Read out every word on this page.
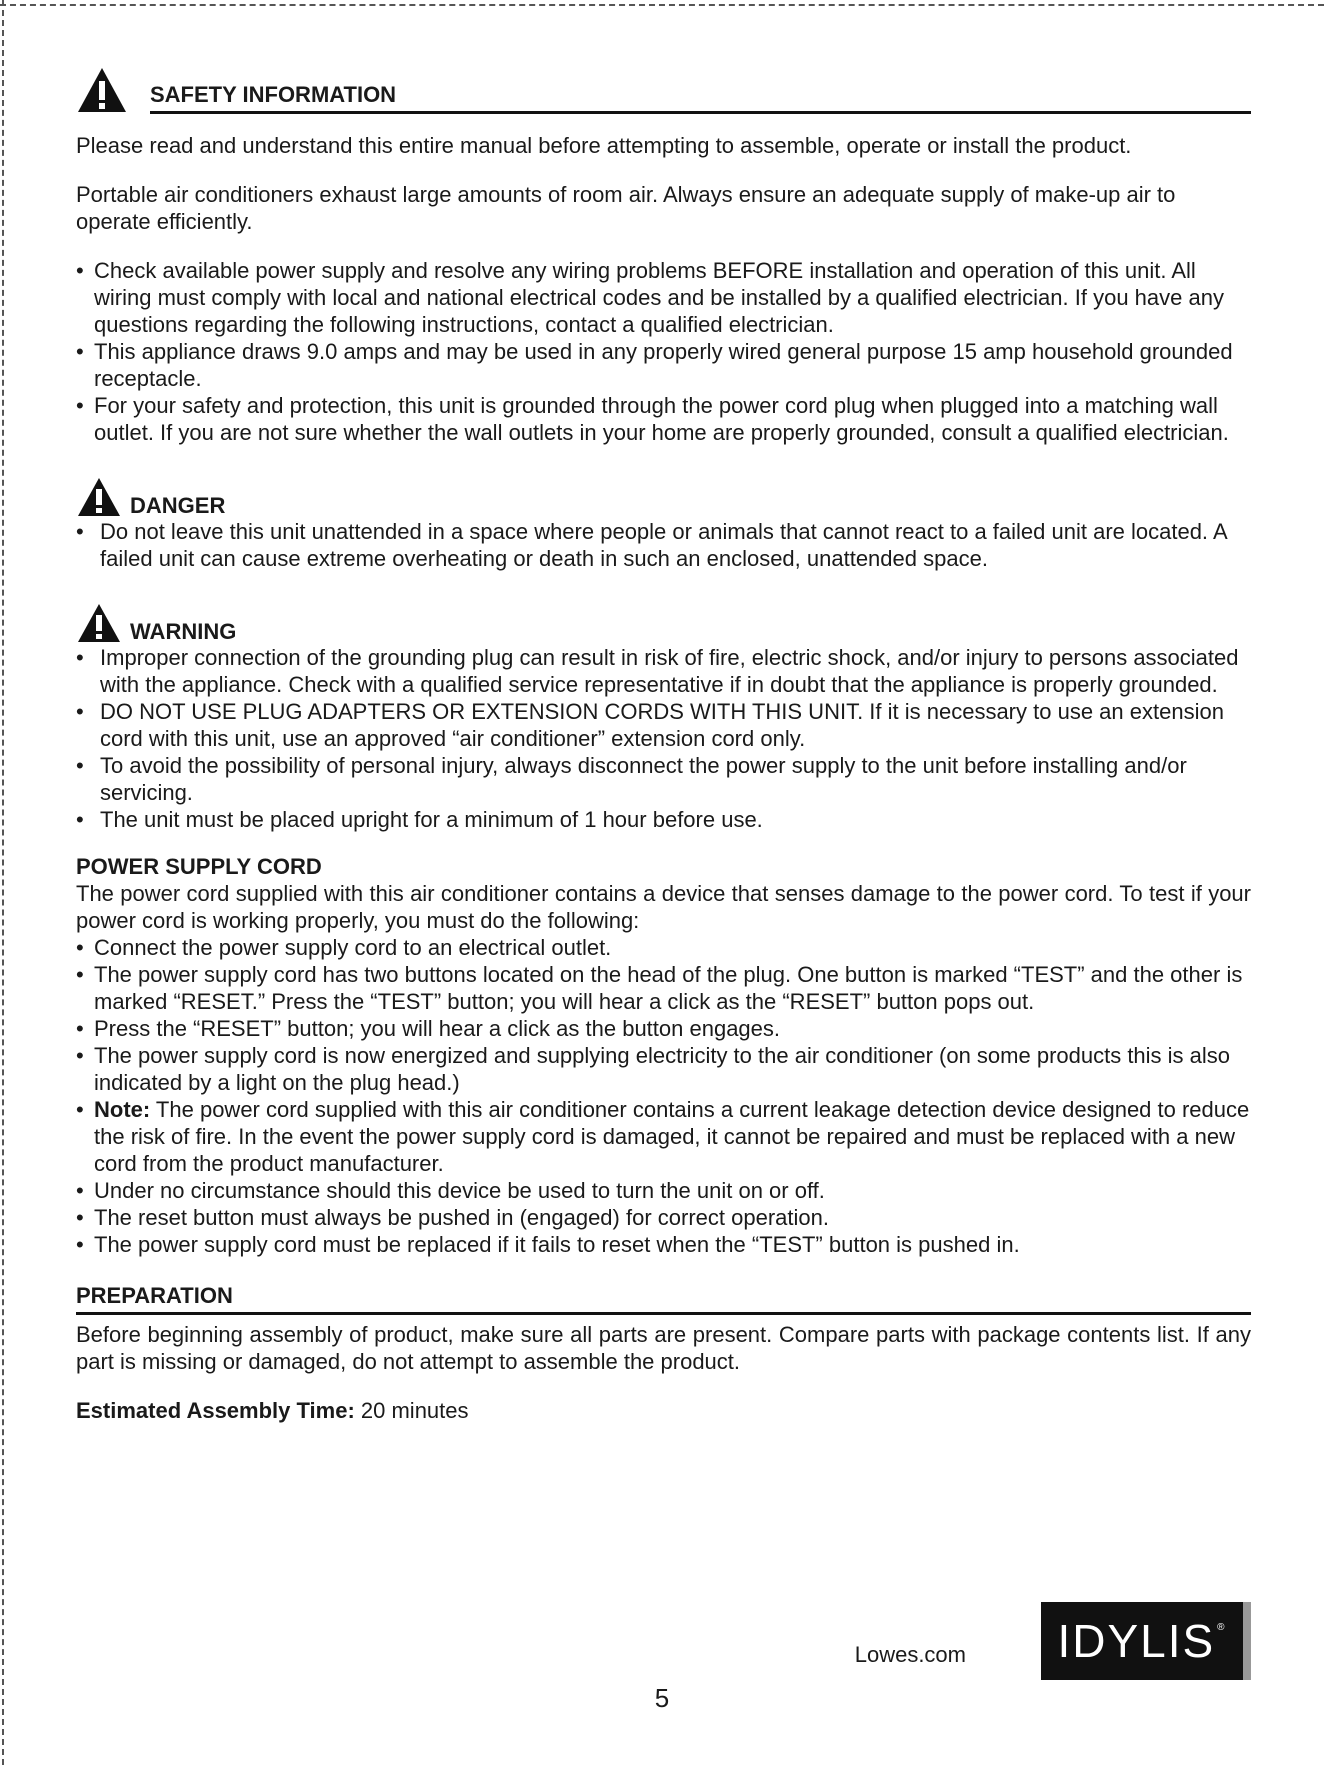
SAFETY INFORMATION

Please read and understand this entire manual before attempting to assemble, operate or install the product.

Portable air conditioners exhaust large amounts of room air. Always ensure an adequate supply of make-up air to operate efficiently.

• Check available power supply and resolve any wiring problems BEFORE installation and operation of this unit. All wiring must comply with local and national electrical codes and be installed by a qualified electrician. If you have any questions regarding the following instructions, contact a qualified electrician.
• This appliance draws 9.0 amps and may be used in any properly wired general purpose 15 amp household grounded receptacle.
• For your safety and protection, this unit is grounded through the power cord plug when plugged into a matching wall outlet. If you are not sure whether the wall outlets in your home are properly grounded, consult a qualified electrician.
DANGER
• Do not leave this unit unattended in a space where people or animals that cannot react to a failed unit are located. A failed unit can cause extreme overheating or death in such an enclosed, unattended space.
WARNING
• Improper connection of the grounding plug can result in risk of fire, electric shock, and/or injury to persons associated with the appliance. Check with a qualified service representative if in doubt that the appliance is properly grounded.
• DO NOT USE PLUG ADAPTERS OR EXTENSION CORDS WITH THIS UNIT. If it is necessary to use an extension cord with this unit, use an approved “air conditioner” extension cord only.
• To avoid the possibility of personal injury, always disconnect the power supply to the unit before installing and/or servicing.
• The unit must be placed upright for a minimum of 1 hour before use.
POWER SUPPLY CORD

The power cord supplied with this air conditioner contains a device that senses damage to the power cord. To test if your power cord is working properly, you must do the following:

• Connect the power supply cord to an electrical outlet.
• The power supply cord has two buttons located on the head of the plug. One button is marked “TEST” and the other is marked “RESET.” Press the “TEST” button; you will hear a click as the “RESET” button pops out.
• Press the “RESET” button; you will hear a click as the button engages.
• The power supply cord is now energized and supplying electricity to the air conditioner (on some products this is also indicated by a light on the plug head.)
• Note: The power cord supplied with this air conditioner contains a current leakage detection device designed to reduce the risk of fire. In the event the power supply cord is damaged, it cannot be repaired and must be replaced with a new cord from the product manufacturer.
• Under no circumstance should this device be used to turn the unit on or off.
• The reset button must always be pushed in (engaged) for correct operation.
• The power supply cord must be replaced if it fails to reset when the “TEST” button is pushed in.
PREPARATION

Before beginning assembly of product, make sure all parts are present. Compare parts with package contents list. If any part is missing or damaged, do not attempt to assemble the product.

Estimated Assembly Time: 20 minutes

Lowes.com IDYLIS®
5
